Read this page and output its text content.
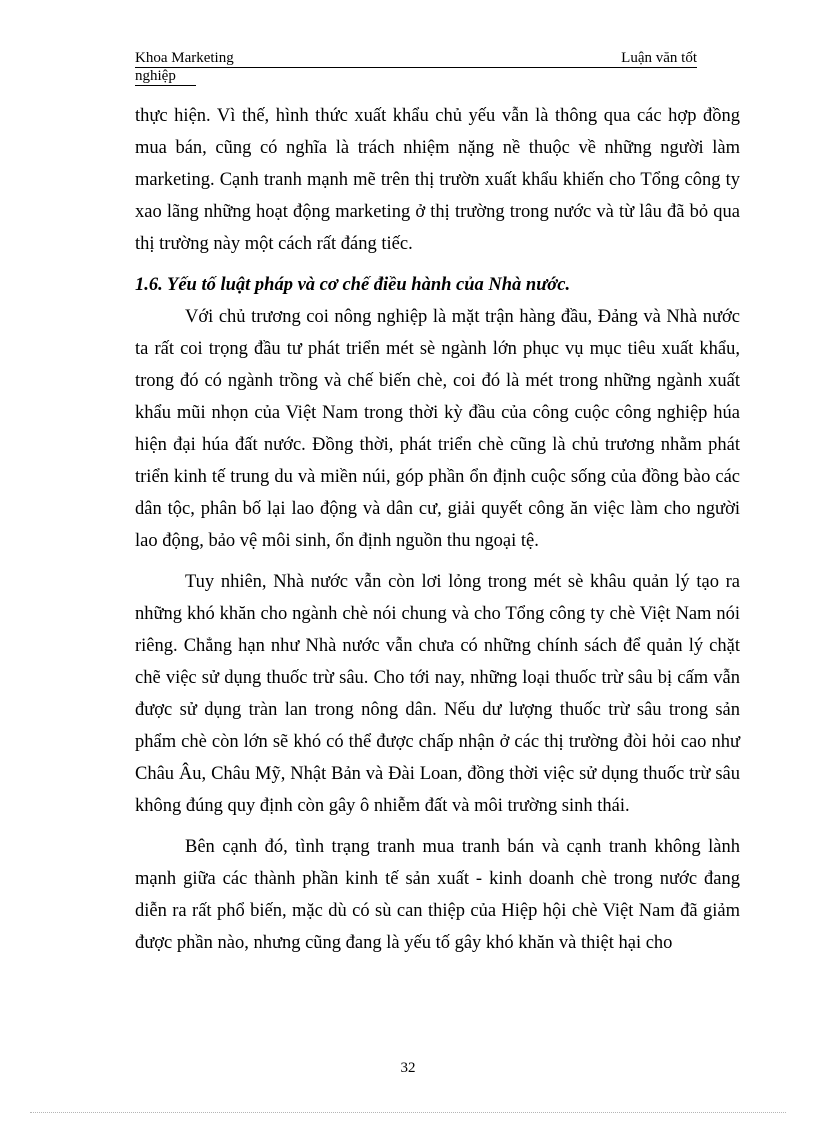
Khoa Marketing	Luận văn tốt
nghiệp

thực hiện. Vì thế, hình thức xuất khẩu chủ yếu vẫn là thông qua các hợp đồng mua bán, cũng có nghĩa là trách nhiệm nặng nề thuộc về những người làm marketing. Cạnh tranh mạnh mẽ trên thị trườn xuất khẩu khiến cho Tổng công ty xao lãng những hoạt động marketing ở thị trường trong nước và từ lâu đã bỏ qua thị trường này một cách rất đáng tiếc.

1.6. Yếu tố luật pháp và cơ chế điều hành của Nhà nước.

Với chủ trương coi nông nghiệp là mặt trận hàng đầu, Đảng và Nhà nước ta rất coi trọng đầu tư phát triển mét sè ngành lớn phục vụ mục tiêu xuất khẩu, trong đó có ngành trồng và chế biến chè, coi đó là mét trong những ngành xuất khẩu mũi nhọn của Việt Nam trong thời kỳ đầu của công cuộc công nghiệp húa hiện đại húa đất nước. Đồng thời, phát triển chè cũng là chủ trương nhằm phát triển kinh tế trung du và miền núi, góp phần ổn định cuộc sống của đồng bào các dân tộc, phân bố lại lao động và dân cư, giải quyết công ăn việc làm cho người lao động, bảo vệ môi sinh, ổn định nguồn thu ngoại tệ.

Tuy nhiên, Nhà nước vẫn còn lơi lỏng trong mét sè khâu quản lý tạo ra những khó khăn cho ngành chè nói chung và cho Tổng công ty chè Việt Nam nói riêng. Chẳng hạn như Nhà nước vẫn chưa có những chính sách để quản lý chặt chẽ việc sử dụng thuốc trừ sâu. Cho tới nay, những loại thuốc trừ sâu bị cấm vẫn được sử dụng tràn lan trong nông dân. Nếu dư lượng thuốc trừ sâu trong sản phẩm chè còn lớn sẽ khó có thể được chấp nhận ở các thị trường đòi hỏi cao như Châu Âu, Châu Mỹ, Nhật Bản và Đài Loan, đồng thời việc sử dụng thuốc trừ sâu không đúng quy định còn gây ô nhiễm đất và môi trường sinh thái.

Bên cạnh đó, tình trạng tranh mua tranh bán và cạnh tranh không lành mạnh giữa các thành phần kinh tế sản xuất - kinh doanh chè trong nước đang diễn ra rất phổ biến, mặc dù có sù can thiệp của Hiệp hội chè Việt Nam đã giảm được phần nào, nhưng cũng đang là yếu tố gây khó khăn và thiệt hại cho

32
